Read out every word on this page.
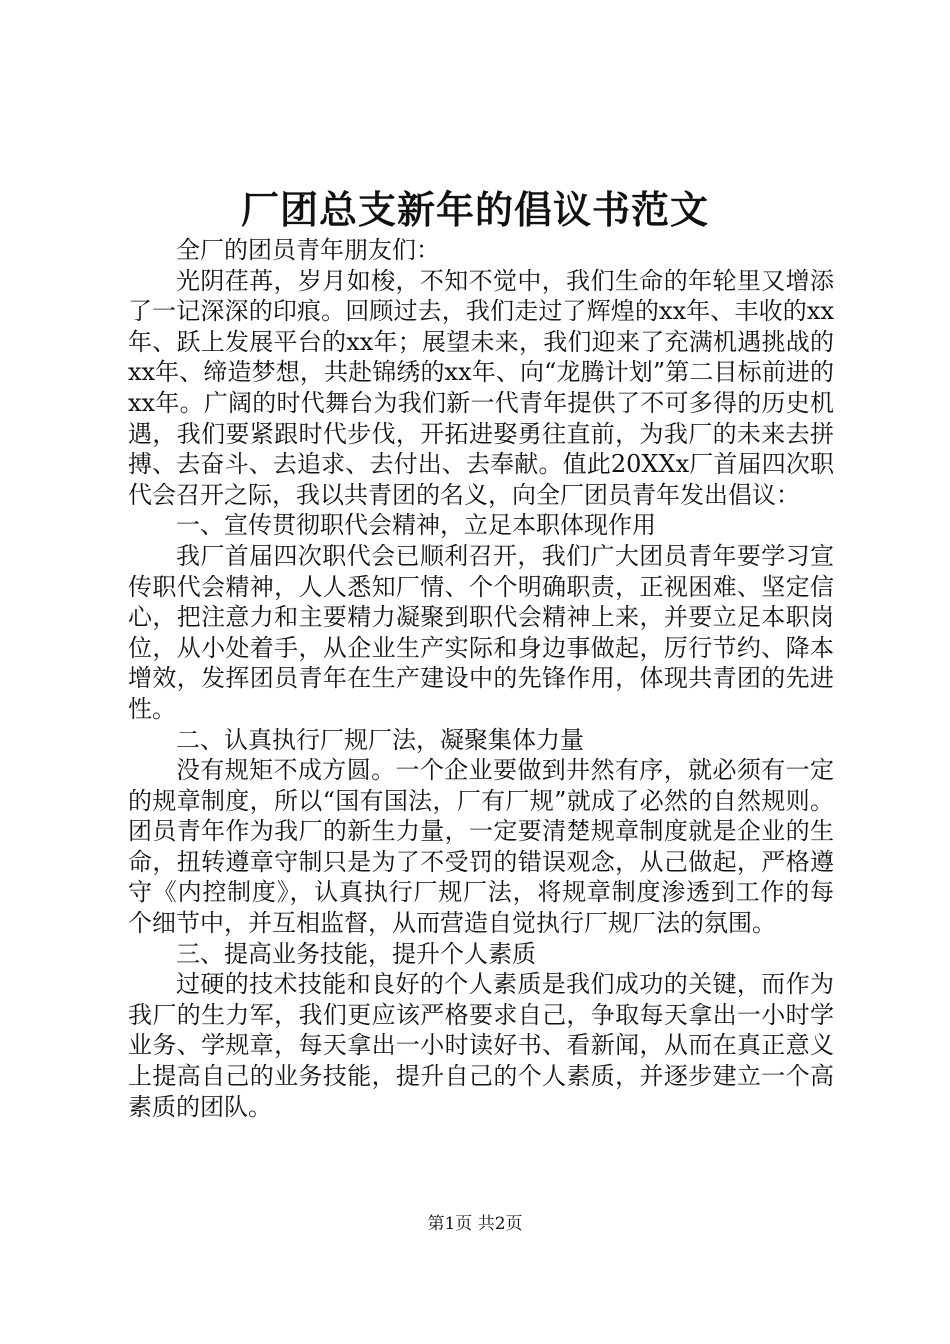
厂团总支新年的倡议书范文

全厂的团员青年朋友们：

光阴荏苒，岁月如梭，不知不觉中，我们生命的年轮里又增添了一记深深的印痕。回顾过去，我们走过了辉煌的xx年、丰收的xx年、跃上发展平台的xx年；展望未来，我们迎来了充满机遇挑战的xx年、缔造梦想，共赴锦绣的xx年、向“龙腾计划”第二目标前进的xx年。广阔的时代舞台为我们新一代青年提供了不可多得的历史机遇，我们要紧跟时代步伐，开拓进娶勇往直前，为我厂的未来去拼搏、去奋斗、去追求、去付出、去奉献。值此20XXx厂首届四次职代会召开之际，我以共青团的名义，向全厂团员青年发出倡议：

一、宣传贯彻职代会精神，立足本职体现作用

我厂首届四次职代会已顺利召开，我们广大团员青年要学习宣传职代会精神，人人悉知厂情、个个明确职责，正视困难、坚定信心，把注意力和主要精力凝聚到职代会精神上来，并要立足本职岗位，从小处着手，从企业生产实际和身边事做起，厉行节约、降本增效，发挥团员青年在生产建设中的先锋作用，体现共青团的先进性。

二、认真执行厂规厂法，凝聚集体力量

没有规矩不成方圆。一个企业要做到井然有序，就必须有一定的规章制度，所以“国有国法，厂有厂规”就成了必然的自然规则。团员青年作为我厂的新生力量，一定要清楚规章制度就是企业的生命，扭转遵章守制只是为了不受罚的错误观念，从己做起，严格遵守《内控制度》，认真执行厂规厂法，将规章制度渗透到工作的每个细节中，并互相监督，从而营造自觉执行厂规厂法的氛围。

三、提高业务技能，提升个人素质

过硬的技术技能和良好的个人素质是我们成功的关键，而作为我厂的生力军，我们更应该严格要求自己，争取每天拿出一小时学业务、学规章，每天拿出一小时读好书、看新闻，从而在真正意义上提高自己的业务技能，提升自己的个人素质，并逐步建立一个高素质的团队。

第1页 共2页
